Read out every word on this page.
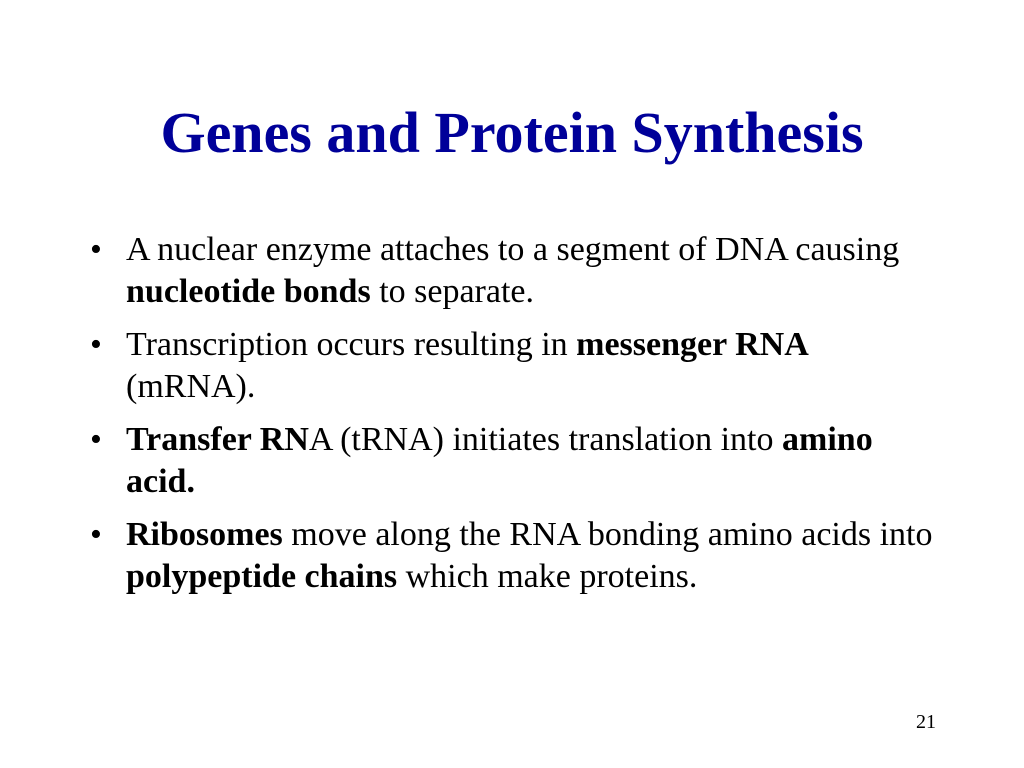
Genes and Protein Synthesis
• A nuclear enzyme attaches to a segment of DNA causing nucleotide bonds to separate.
• Transcription occurs resulting in messenger RNA (mRNA).
• Transfer RNA (tRNA) initiates translation into amino acid.
• Ribosomes move along the RNA bonding amino acids into polypeptide chains which make proteins.
21
